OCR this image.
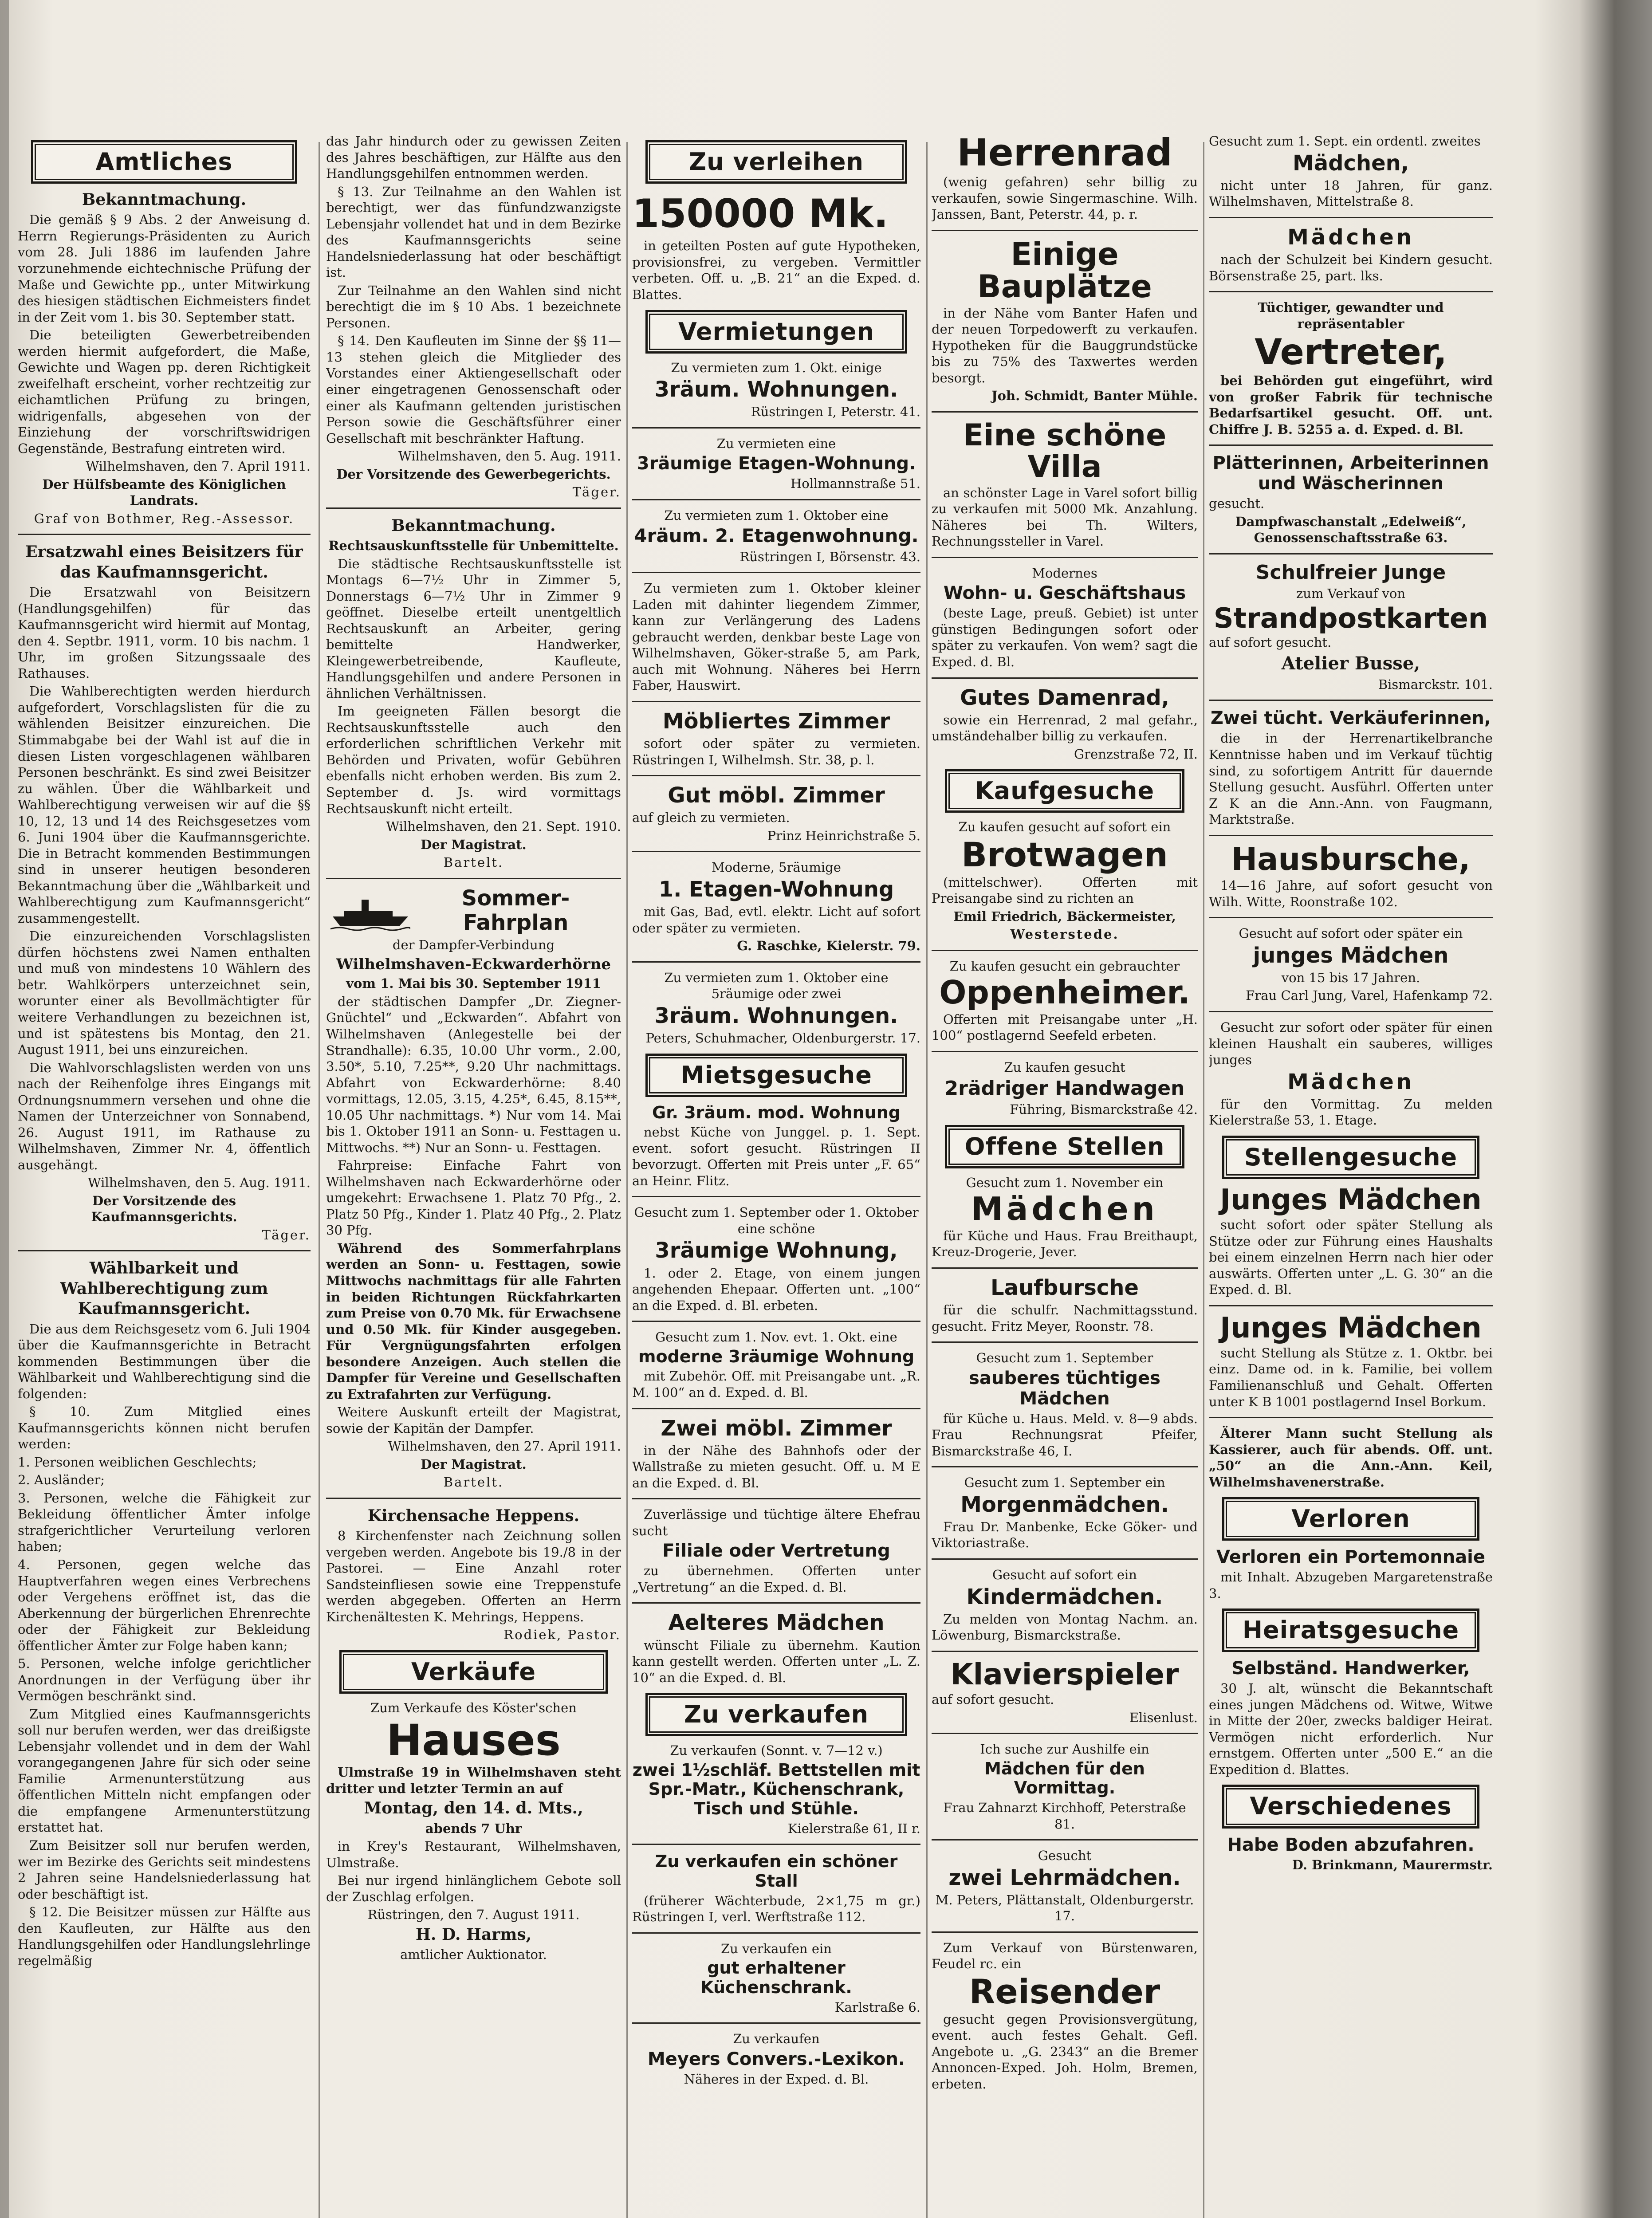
Amtliches

Bekanntmachung.

Die gemäß § 9 Abs. 2 der Anweisung d. Herrn Regierungs-Präsidenten zu Aurich vom 28. Juli 1886 im laufenden Jahre vorzunehmende eichtechnische Prüfung der Maße und Gewichte pp., unter Mitwirkung des hiesigen städtischen Eichmeisters findet in der Zeit vom 1. bis 30. September statt.

Die beteiligten Gewerbetreibenden werden hiermit aufgefordert, die Maße, Gewichte und Wagen pp. deren Richtigkeit zweifelhaft erscheint, vorher rechtzeitig zur eichamtlichen Prüfung zu bringen, widrigenfalls, abgesehen von der Einziehung der vorschriftswidrigen Gegenstände, Bestrafung eintreten wird.

Wilhelmshaven, den 7. April 1911.

Der Hülfsbeamte des Königlichen Landrats.

Graf von Bothmer, Reg.-Assessor.

Ersatzwahl eines Beisitzers für das Kaufmannsgericht.

Die Ersatzwahl von Beisitzern (Handlungsgehilfen) für das Kaufmannsgericht wird hiermit auf Montag, den 4. Septbr. 1911, vorm. 10 bis nachm. 1 Uhr, im großen Sitzungssaale des Rathauses.

Die Wahlberechtigten werden hierdurch aufgefordert, Vorschlagslisten für die zu wählenden Beisitzer einzureichen. Die Stimmabgabe bei der Wahl ist auf die in diesen Listen vorgeschlagenen wählbaren Personen beschränkt. Es sind zwei Beisitzer zu wählen. Über die Wählbarkeit und Wahlberechtigung verweisen wir auf die §§ 10, 12, 13 und 14 des Reichsgesetzes vom 6. Juni 1904 über die Kaufmannsgerichte. Die in Betracht kommenden Bestimmungen sind in unserer heutigen besonderen Bekanntmachung über die „Wählbarkeit und Wahlberechtigung zum Kaufmannsgericht“ zusammengestellt.

Die einzureichenden Vorschlagslisten dürfen höchstens zwei Namen enthalten und muß von mindestens 10 Wählern des betr. Wahlkörpers unterzeichnet sein, worunter einer als Bevollmächtigter für weitere Verhandlungen zu bezeichnen ist, und ist spätestens bis Montag, den 21. August 1911, bei uns einzureichen.

Die Wahlvorschlagslisten werden von uns nach der Reihenfolge ihres Eingangs mit Ordnungsnummern versehen und ohne die Namen der Unterzeichner von Sonnabend, 26. August 1911, im Rathause zu Wilhelmshaven, Zimmer Nr. 4, öffentlich ausgehängt.

Wilhelmshaven, den 5. Aug. 1911.

Der Vorsitzende des Kaufmannsgerichts.

Täger.

Wählbarkeit und Wahlberechtigung zum Kaufmannsgericht.

Die aus dem Reichsgesetz vom 6. Juli 1904 über die Kaufmannsgerichte in Betracht kommenden Bestimmungen über die Wählbarkeit und Wahlberechtigung sind die folgenden:

§ 10. Zum Mitglied eines Kaufmannsgerichts können nicht berufen werden:

1. Personen weiblichen Geschlechts;

2. Ausländer;

3. Personen, welche die Fähigkeit zur Bekleidung öffentlicher Ämter infolge strafgerichtlicher Verurteilung verloren haben;

4. Personen, gegen welche das Hauptverfahren wegen eines Verbrechens oder Vergehens eröffnet ist, das die Aberkennung der bürgerlichen Ehrenrechte oder der Fähigkeit zur Bekleidung öffentlicher Ämter zur Folge haben kann;

5. Personen, welche infolge gerichtlicher Anordnungen in der Verfügung über ihr Vermögen beschränkt sind.

Zum Mitglied eines Kaufmannsgerichts soll nur berufen werden, wer das dreißigste Lebensjahr vollendet und in dem der Wahl vorangegangenen Jahre für sich oder seine Familie Armenunterstützung aus öffentlichen Mitteln nicht empfangen oder die empfangene Armenunterstützung erstattet hat.

Zum Beisitzer soll nur berufen werden, wer im Bezirke des Gerichts seit mindestens 2 Jahren seine Handelsniederlassung hat oder beschäftigt ist.

§ 12. Die Beisitzer müssen zur Hälfte aus den Kaufleuten, zur Hälfte aus den Handlungsgehilfen oder Handlungslehrlinge regelmäßig

das Jahr hindurch oder zu gewissen Zeiten des Jahres beschäftigen, zur Hälfte aus den Handlungsgehilfen entnommen werden.

§ 13. Zur Teilnahme an den Wahlen ist berechtigt, wer das fünfundzwanzigste Lebensjahr vollendet hat und in dem Bezirke des Kaufmannsgerichts seine Handelsniederlassung hat oder beschäftigt ist.

Zur Teilnahme an den Wahlen sind nicht berechtigt die im § 10 Abs. 1 bezeichnete Personen.

§ 14. Den Kaufleuten im Sinne der §§ 11—13 stehen gleich die Mitglieder des Vorstandes einer Aktiengesellschaft oder einer eingetragenen Genossenschaft oder einer als Kaufmann geltenden juristischen Person sowie die Geschäftsführer einer Gesellschaft mit beschränkter Haftung.

Wilhelmshaven, den 5. Aug. 1911.

Der Vorsitzende des Gewerbegerichts.

Täger.

Bekanntmachung.

Rechtsauskunftsstelle für Unbemittelte.

Die städtische Rechtsauskunftsstelle ist Montags 6—7½ Uhr in Zimmer 5, Donnerstags 6—7½ Uhr in Zimmer 9 geöffnet. Dieselbe erteilt unentgeltlich Rechtsauskunft an Arbeiter, gering bemittelte Handwerker, Kleingewerbetreibende, Kaufleute, Handlungsgehilfen und andere Personen in ähnlichen Verhältnissen.

Im geeigneten Fällen besorgt die Rechtsauskunftsstelle auch den erforderlichen schriftlichen Verkehr mit Behörden und Privaten, wofür Gebühren ebenfalls nicht erhoben werden. Bis zum 2. September d. Js. wird vormittags Rechtsauskunft nicht erteilt.

Wilhelmshaven, den 21. Sept. 1910.

Der Magistrat.

Bartelt.

Sommer-Fahrplan

der Dampfer-Verbindung

Wilhelmshaven-Eckwarderhörne

vom 1. Mai bis 30. September 1911

der städtischen Dampfer „Dr. Ziegner-Gnüchtel“ und „Eckwarden“. Abfahrt von Wilhelmshaven (Anlegestelle bei der Strandhalle): 6.35, 10.00 Uhr vorm., 2.00, 3.50*, 5.10, 7.25**, 9.20 Uhr nachmittags. Abfahrt von Eckwarderhörne: 8.40 vormittags, 12.05, 3.15, 4.25*, 6.45, 8.15**, 10.05 Uhr nachmittags. *) Nur vom 14. Mai bis 1. Oktober 1911 an Sonn- u. Festtagen u. Mittwochs. **) Nur an Sonn- u. Festtagen.

Fahrpreise: Einfache Fahrt von Wilhelmshaven nach Eckwarderhörne oder umgekehrt: Erwachsene 1. Platz 70 Pfg., 2. Platz 50 Pfg., Kinder 1. Platz 40 Pfg., 2. Platz 30 Pfg.

Während des Sommerfahrplans werden an Sonn- u. Festtagen, sowie Mittwochs nachmittags für alle Fahrten in beiden Richtungen Rückfahrkarten zum Preise von 0.70 Mk. für Erwachsene und 0.50 Mk. für Kinder ausgegeben. Für Vergnügungsfahrten erfolgen besondere Anzeigen. Auch stellen die Dampfer für Vereine und Gesellschaften zu Extrafahrten zur Verfügung.

Weitere Auskunft erteilt der Magistrat, sowie der Kapitän der Dampfer.

Wilhelmshaven, den 27. April 1911.

Der Magistrat.

Bartelt.

Kirchensache Heppens.

8 Kirchenfenster nach Zeichnung sollen vergeben werden. Angebote bis 19./8 in der Pastorei. — Eine Anzahl roter Sandsteinfliesen sowie eine Treppenstufe werden abgegeben. Offerten an Herrn Kirchenältesten K. Mehrings, Heppens.

Rodiek, Pastor.

Verkäufe

Zum Verkaufe des Köster'schen

Hauses

Ulmstraße 19 in Wilhelmshaven steht dritter und letzter Termin an auf

Montag, den 14. d. Mts.,

abends 7 Uhr

in Krey's Restaurant, Wilhelmshaven, Ulmstraße.

Bei nur irgend hinlänglichem Gebote soll der Zuschlag erfolgen.

Rüstringen, den 7. August 1911.

H. D. Harms,

amtlicher Auktionator.

Zu verleihen
150000 Mk.

in geteilten Posten auf gute Hypotheken, provisionsfrei, zu vergeben. Vermittler verbeten. Off. u. „B. 21“ an die Exped. d. Blattes.

Vermietungen

Zu vermieten zum 1. Okt. einige

3räum. Wohnungen.

Rüstringen I, Peterstr. 41.

Zu vermieten eine

3räumige Etagen-Wohnung.

Hollmannstraße 51.

Zu vermieten zum 1. Oktober eine

4räum. 2. Etagenwohnung.

Rüstringen I, Börsenstr. 43.

Zu vermieten zum 1. Oktober kleiner Laden mit dahinter liegendem Zimmer, kann zur Verlängerung des Ladens gebraucht werden, denkbar beste Lage von Wilhelmshaven, Göker-straße 5, am Park, auch mit Wohnung. Näheres bei Herrn Faber, Hauswirt.

Möbliertes Zimmer

sofort oder später zu vermieten. Rüstringen I, Wilhelmsh. Str. 38, p. l.

Gut möbl. Zimmer

auf gleich zu vermieten.

Prinz Heinrichstraße 5.

Moderne, 5räumige

1. Etagen-Wohnung

mit Gas, Bad, evtl. elektr. Licht auf sofort oder später zu vermieten.

G. Raschke, Kielerstr. 79.

Zu vermieten zum 1. Oktober eine 5räumige oder zwei

3räum. Wohnungen.

Peters, Schuhmacher, Oldenburgerstr. 17.

Mietsgesuche

Gr. 3räum. mod. Wohnung

nebst Küche von Junggel. p. 1. Sept. event. sofort gesucht. Rüstringen II bevorzugt. Offerten mit Preis unter „F. 65“ an Heinr. Flitz.

Gesucht zum 1. September oder 1. Oktober eine schöne

3räumige Wohnung,

1. oder 2. Etage, von einem jungen angehenden Ehepaar. Offerten unt. „100“ an die Exped. d. Bl. erbeten.

Gesucht zum 1. Nov. evt. 1. Okt. eine

moderne 3räumige Wohnung

mit Zubehör. Off. mit Preisangabe unt. „R. M. 100“ an d. Exped. d. Bl.

Zwei möbl. Zimmer

in der Nähe des Bahnhofs oder der Wallstraße zu mieten gesucht. Off. u. M E an die Exped. d. Bl.

Zuverlässige und tüchtige ältere Ehefrau sucht

Filiale oder Vertretung

zu übernehmen. Offerten unter „Vertretung“ an die Exped. d. Bl.

Aelteres Mädchen

wünscht Filiale zu übernehm. Kaution kann gestellt werden. Offerten unter „L. Z. 10“ an die Exped. d. Bl.

Zu verkaufen

Zu verkaufen (Sonnt. v. 7—12 v.)

zwei 1½schläf. Bettstellen mit Spr.-Matr., Küchenschrank, Tisch und Stühle.

Kielerstraße 61, II r.

Zu verkaufen ein schöner Stall

(früherer Wächterbude, 2×1,75 m gr.) Rüstringen I, verl. Werftstraße 112.

Zu verkaufen ein

gut erhaltener Küchenschrank.

Karlstraße 6.

Zu verkaufen

Meyers Convers.-Lexikon.

Näheres in der Exped. d. Bl.

Herrenrad

(wenig gefahren) sehr billig zu verkaufen, sowie Singermaschine. Wilh. Janssen, Bant, Peterstr. 44, p. r.

Einige Bauplätze

in der Nähe vom Banter Hafen und der neuen Torpedowerft zu verkaufen. Hypotheken für die Bauggrundstücke bis zu 75% des Taxwertes werden besorgt.

Joh. Schmidt, Banter Mühle.

Eine schöne Villa

an schönster Lage in Varel sofort billig zu verkaufen mit 5000 Mk. Anzahlung. Näheres bei Th. Wilters, Rechnungssteller in Varel.

Modernes

Wohn- u. Geschäftshaus

(beste Lage, preuß. Gebiet) ist unter günstigen Bedingungen sofort oder später zu verkaufen. Von wem? sagt die Exped. d. Bl.

Gutes Damenrad,

sowie ein Herrenrad, 2 mal gefahr., umständehalber billig zu verkaufen.

Grenzstraße 72, II.

Kaufgesuche

Zu kaufen gesucht auf sofort ein

Brotwagen

(mittelschwer). Offerten mit Preisangabe sind zu richten an

Emil Friedrich, Bäckermeister,

Westerstede.

Zu kaufen gesucht ein gebrauchter

Oppenheimer.

Offerten mit Preisangabe unter „H. 100“ postlagernd Seefeld erbeten.

Zu kaufen gesucht

2rädriger Handwagen

Führing, Bismarckstraße 42.

Offene Stellen

Gesucht zum 1. November ein

Mädchen

für Küche und Haus. Frau Breithaupt, Kreuz-Drogerie, Jever.

Laufbursche

für die schulfr. Nachmittagsstund. gesucht. Fritz Meyer, Roonstr. 78.

Gesucht zum 1. September

sauberes tüchtiges Mädchen

für Küche u. Haus. Meld. v. 8—9 abds. Frau Rechnungsrat Pfeifer, Bismarckstraße 46, I.

Gesucht zum 1. September ein

Morgenmädchen.

Frau Dr. Manbenke, Ecke Göker- und Viktoriastraße.

Gesucht auf sofort ein

Kindermädchen.

Zu melden von Montag Nachm. an. Löwenburg, Bismarckstraße.

Klavierspieler

auf sofort gesucht.

Elisenlust.

Ich suche zur Aushilfe ein

Mädchen für den Vormittag.

Frau Zahnarzt Kirchhoff, Peterstraße 81.

Gesucht

zwei Lehrmädchen.

M. Peters, Plättanstalt, Oldenburgerstr. 17.

Zum Verkauf von Bürstenwaren, Feudel rc. ein

Reisender

gesucht gegen Provisionsvergütung, event. auch festes Gehalt. Gefl. Angebote u. „G. 2343“ an die Bremer Annoncen-Exped. Joh. Holm, Bremen, erbeten.

Gesucht zum 1. Sept. ein ordentl. zweites

Mädchen,

nicht unter 18 Jahren, für ganz. Wilhelmshaven, Mittelstraße 8.

Mädchen

nach der Schulzeit bei Kindern gesucht. Börsenstraße 25, part. lks.

Tüchtiger, gewandter und repräsentabler

Vertreter,

bei Behörden gut eingeführt, wird von großer Fabrik für technische Bedarfsartikel gesucht. Off. unt. Chiffre J. B. 5255 a. d. Exped. d. Bl.

Plätterinnen, Arbeiterinnen und Wäscherinnen

gesucht.

Dampfwaschanstalt „Edelweiß“, Genossenschaftsstraße 63.

Schulfreier Junge

zum Verkauf von

Strandpostkarten

auf sofort gesucht.

Atelier Busse,

Bismarckstr. 101.

Zwei tücht. Verkäuferinnen,

die in der Herrenartikelbranche Kenntnisse haben und im Verkauf tüchtig sind, zu sofortigem Antritt für dauernde Stellung gesucht. Ausführl. Offerten unter Z K an die Ann.-Ann. von Faugmann, Marktstraße.

Hausbursche,

14—16 Jahre, auf sofort gesucht von Wilh. Witte, Roonstraße 102.

Gesucht auf sofort oder später ein

junges Mädchen

von 15 bis 17 Jahren.

Frau Carl Jung, Varel, Hafenkamp 72.

Gesucht zur sofort oder später für einen kleinen Haushalt ein sauberes, williges junges

Mädchen

für den Vormittag. Zu melden Kielerstraße 53, 1. Etage.

Stellengesuche

Junges Mädchen

sucht sofort oder später Stellung als Stütze oder zur Führung eines Haushalts bei einem einzelnen Herrn nach hier oder auswärts. Offerten unter „L. G. 30“ an die Exped. d. Bl.

Junges Mädchen

sucht Stellung als Stütze z. 1. Oktbr. bei einz. Dame od. in k. Familie, bei vollem Familienanschluß und Gehalt. Offerten unter K B 1001 postlagernd Insel Borkum.

Älterer Mann sucht Stellung als Kassierer, auch für abends. Off. unt. „50“ an die Ann.-Ann. Keil, Wilhelmshavenerstraße.

Verloren

Verloren ein Portemonnaie

mit Inhalt. Abzugeben Margaretenstraße 3.

Heiratsgesuche

Selbständ. Handwerker,

30 J. alt, wünscht die Bekanntschaft eines jungen Mädchens od. Witwe, Witwe in Mitte der 20er, zwecks baldiger Heirat. Vermögen nicht erforderlich. Nur ernstgem. Offerten unter „500 E.“ an die Expedition d. Blattes.

Verschiedenes

Habe Boden abzufahren.

D. Brinkmann, Maurermstr.
